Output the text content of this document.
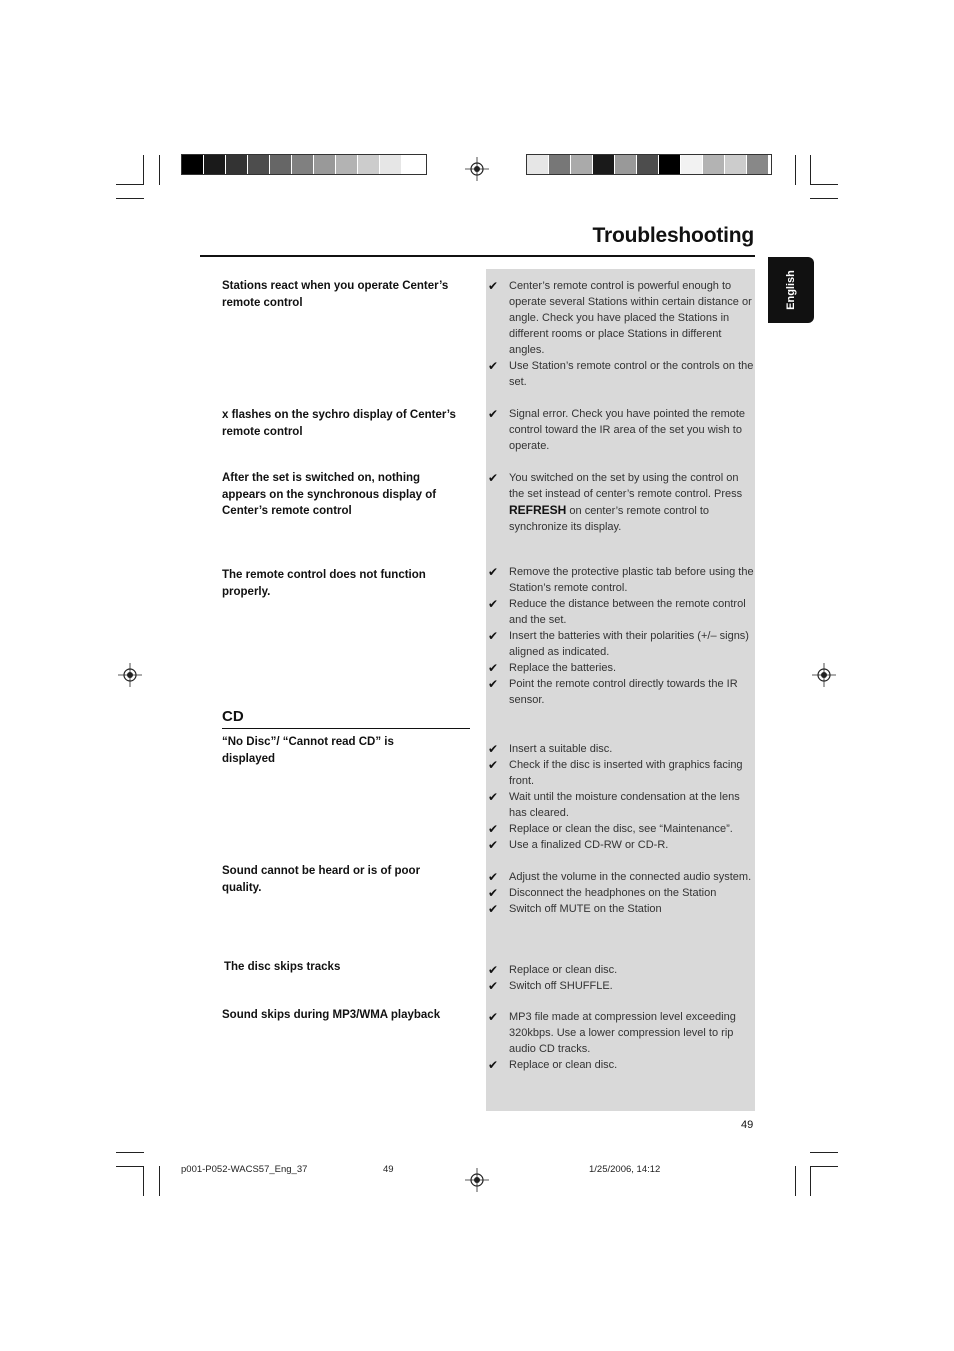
Troubleshooting
English
Stations react when you operate Center’s remote control
x flashes on the sychro display of Center’s remote control
After the set is switched on, nothing appears on the synchronous display of Center’s remote control
The remote control does not function properly.
CD
“No Disc”/ “Cannot read CD” is displayed
Sound cannot be heard or is of poor quality.
The disc skips tracks
Sound skips during MP3/WMA playback
✔ Center’s remote control is powerful enough to operate several Stations within certain distance or angle. Check you have placed the Stations in different rooms or place Stations in different angles.
✔ Use Station’s remote control or the controls on the set.
✔ Signal error. Check you have pointed the remote control toward the IR area of the set you wish to operate.
✔ You switched on the set by using the control on the set instead of center’s remote control. Press REFRESH on center’s remote control to synchronize its display.
✔ Remove the protective plastic tab before using the Station’s remote control.
✔ Reduce the distance between the remote control and the set.
✔ Insert the batteries with their polarities (+/– signs) aligned as indicated.
✔ Replace the batteries.
✔ Point the remote control directly towards the IR sensor.
✔ Insert a suitable disc.
✔ Check if the disc is inserted with graphics facing front.
✔ Wait until the moisture condensation at the lens has cleared.
✔ Replace or clean the disc, see “Maintenance”.
✔ Use a finalized CD-RW or CD-R.
✔ Adjust the volume in the connected audio system.
✔ Disconnect the headphones on the Station
✔ Switch off MUTE on the Station
✔ Replace or clean disc.
✔ Switch off SHUFFLE.
✔ MP3 file made at compression level exceeding 320kbps. Use a lower compression level to rip audio CD tracks.
✔ Replace or clean disc.
49
p001-P052-WACS57_Eng_37	49	1/25/2006, 14:12
